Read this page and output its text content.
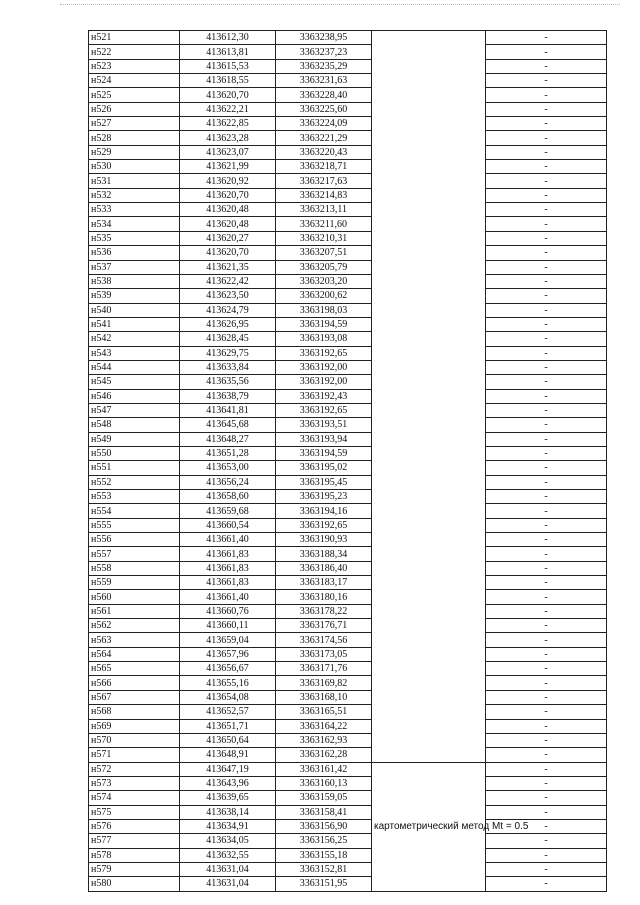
н521	413612,30	3363238,95		-
н522	413613,81	3363237,23		-
н523	413615,53	3363235,29		-
н524	413618,55	3363231,63		-
н525	413620,70	3363228,40		-
н526	413622,21	3363225,60		-
н527	413622,85	3363224,09		-
н528	413623,28	3363221,29		-
н529	413623,07	3363220,43		-
н530	413621,99	3363218,71		-
н531	413620,92	3363217,63		-
н532	413620,70	3363214,83		-
н533	413620,48	3363213,11		-
н534	413620,48	3363211,60		-
н535	413620,27	3363210,31		-
н536	413620,70	3363207,51		-
н537	413621,35	3363205,79		-
н538	413622,42	3363203,20		-
н539	413623,50	3363200,62		-
н540	413624,79	3363198,03		-
н541	413626,95	3363194,59		-
н542	413628,45	3363193,08		-
н543	413629,75	3363192,65		-
н544	413633,84	3363192,00		-
н545	413635,56	3363192,00		-
н546	413638,79	3363192,43		-
н547	413641,81	3363192,65		-
н548	413645,68	3363193,51		-
н549	413648,27	3363193,94		-
н550	413651,28	3363194,59		-
н551	413653,00	3363195,02		-
н552	413656,24	3363195,45		-
н553	413658,60	3363195,23		-
н554	413659,68	3363194,16		-
н555	413660,54	3363192,65		-
н556	413661,40	3363190,93		-
н557	413661,83	3363188,34		-
н558	413661,83	3363186,40		-
н559	413661,83	3363183,17		-
н560	413661,40	3363180,16		-
н561	413660,76	3363178,22		-
н562	413660,11	3363176,71		-
н563	413659,04	3363174,56		-
н564	413657,96	3363173,05		-
н565	413656,67	3363171,76		-
н566	413655,16	3363169,82		-
н567	413654,08	3363168,10		-
н568	413652,57	3363165,51		-
н569	413651,71	3363164,22		-
н570	413650,64	3363162,93		-
н571	413648,91	3363162,28		-
н572	413647,19	3363161,42	картометрический метод Mt = 0.5	-
н573	413643,96	3363160,13		-
н574	413639,65	3363159,05		-
н575	413638,14	3363158,41		-
н576	413634,91	3363156,90		-
н577	413634,05	3363156,25		-
н578	413632,55	3363155,18		-
н579	413631,04	3363152,81		-
н580	413631,04	3363151,95		-
